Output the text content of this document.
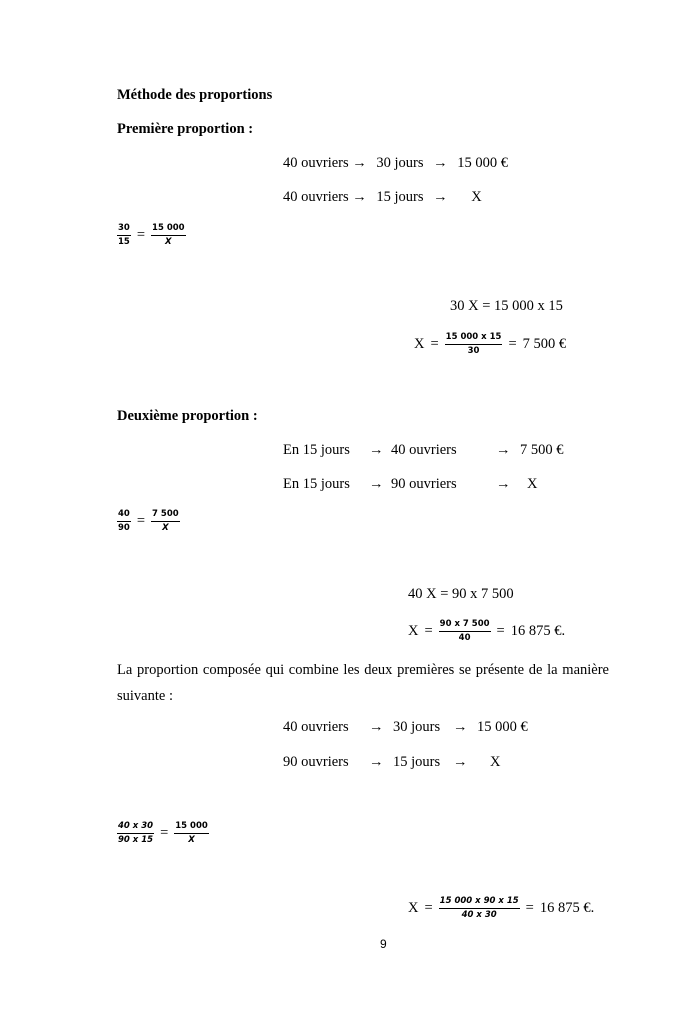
Méthode des proportions
Première proportion :
40 ouvriers → 30 jours → 15 000 €
40 ouvriers → 15 jours → X
$\frac{30}{15} = \frac{15 000}{X}$
30 X = 15 000 x 15
$X = \frac{15 000 x 15}{30} = 7$ 500 €
Deuxième proportion :
En 15 jours → 40 ouvriers	→ 7 500 €
En 15 jours → 90 ouvriers	→ X
$\frac{40}{90} = \frac{7 500}{X}$
40 X = 90 x 7 500
$X = \frac{90 x 7 500}{40} = 16$ 875 €.
La proportion composée qui combine les deux premières se présente de la manière suivante :
40 ouvriers → 30 jours → 15 000 €
90 ouvriers → 15 jours → X
$\frac{40 x 30}{90 x 15} = \frac{15 000}{X}$
$X = \frac{15 000 x 90 x 15}{40 x 30} = 16$ 875 €.
9
